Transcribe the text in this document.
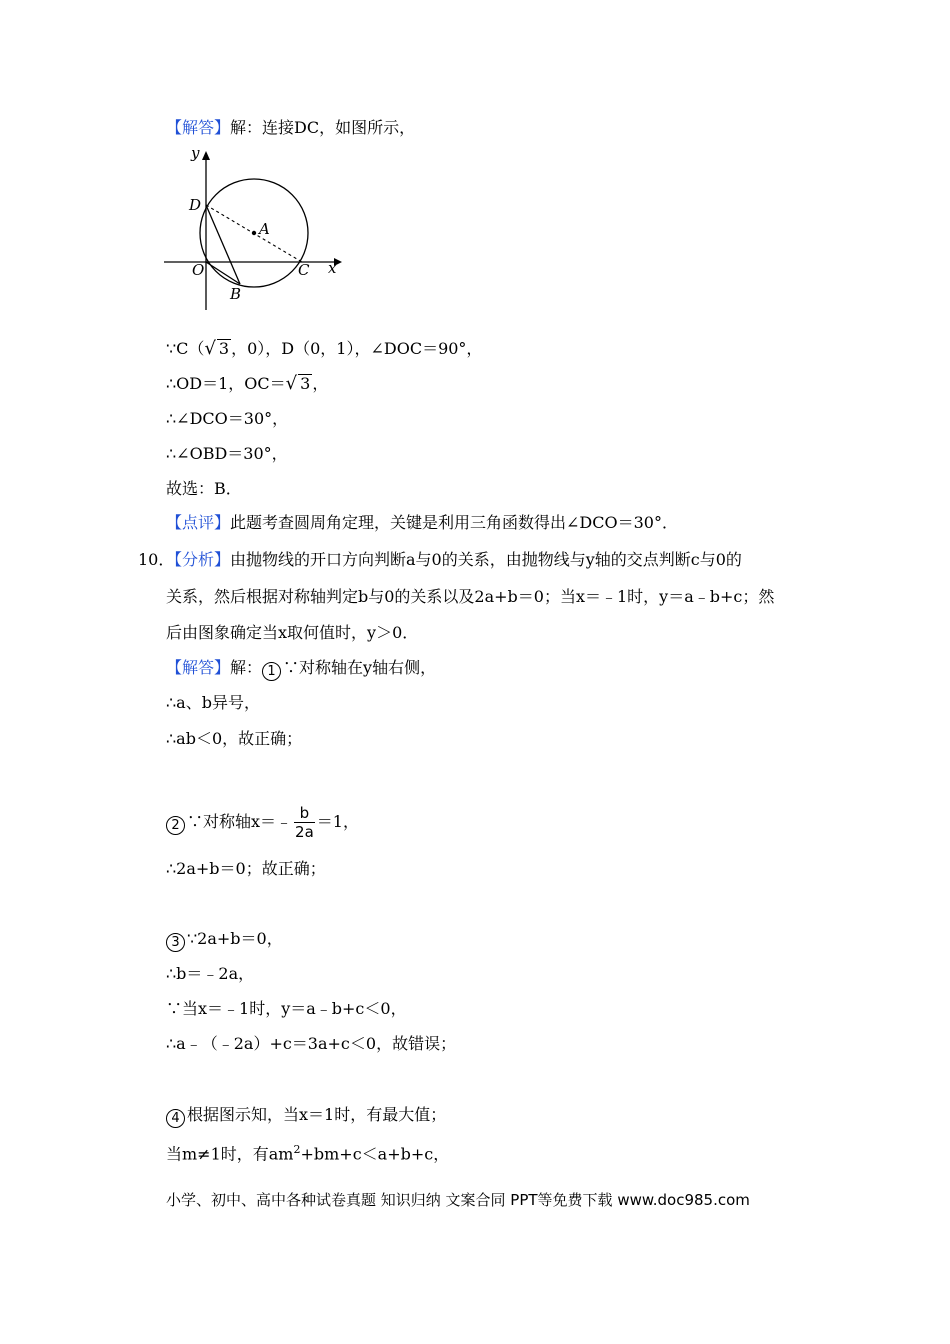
【解答】解：连接DC，如图所示，
y
x
D
A
O	C
B
∵C（√ 3 ，0），D（0，1），∠DOC＝90°，
∴OD＝1，OC＝√ 3 ，
∴∠DCO＝30°，
∴∠OBD＝30°，
故选：B．
【点评】此题考查圆周角定理，关键是利用三角函数得出∠DCO＝30°．
10．
【分析】由抛物线的开口方向判断a与0的关系，由抛物线与y轴的交点判断c与0的
关系，然后根据对称轴判定b与0的关系以及2a+b＝0；当x＝﹣1时，y＝a﹣b+c；然
后由图象确定当x取何值时，y＞0．
【解答】解： 1 ∵对称轴在y轴右侧，
∴a、b异号，
∴ab＜0，故正确；
2 ∵对称轴x＝﹣ $\frac{b}{2a} =1$，
∴2a+b＝0；故正确；
3 ∵2a+b＝0，
∴b＝﹣2a，
∵当x＝﹣1时，y＝a﹣b+c＜0，
∴a﹣（﹣2a）+c＝3a+c＜0，故错误；
4 根据图示知，当x＝1时，有最大值；
当m≠1时，有$am^2+bm+c<a+b+c$，
小学、初中、高中各种试卷真题 知识归纳 文案合同 PPT等免费下载 www.doc985.com
